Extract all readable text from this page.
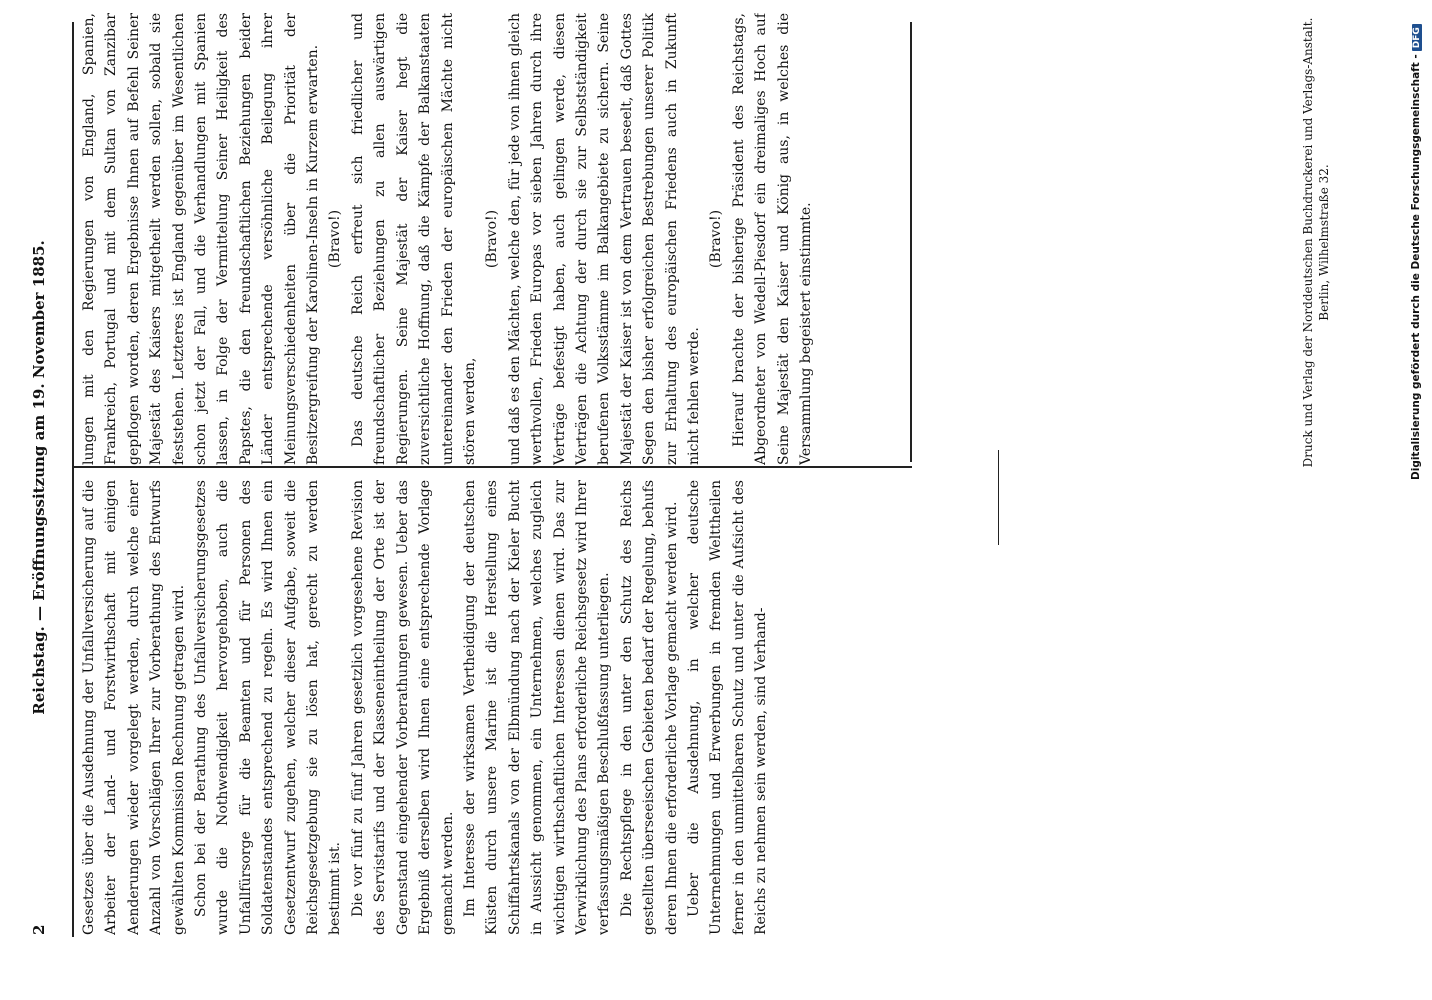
2
Reichstag. — Eröffnungssitzung am 19. November 1885. Gesetzes über die Ausdehnung der Unfallversicherung auf die Arbeiter der Land- und Forstwirthschaft mit einigen Aenderungen wieder vorgelegt werden, durch welche einer Anzahl von Vorschlägen Ihrer zur Vorberathung des Entwurfs gewählten Kommission Rechnung getragen wird. Schon bei der Berathung des Unfallversicherungsgesetzes wurde die Nothwendigkeit hervorgehoben, auch die Unfallfürsorge für die Beamten und für Personen des Soldatenstandes entsprechend zu regeln. Es wird Ihnen ein Gesetzentwurf zugehen, welcher dieser Aufgabe, soweit die Reichsgesetzgebung sie zu lösen hat, gerecht zu werden bestimmt ist. Die vor fünf zu fünf Jahren gesetzlich vorgesehene Revision des Servistarifs und der Klasseneintheilung der Orte ist der Gegenstand eingehender Vorberathungen gewesen. Ueber das Ergebniß derselben wird Ihnen eine entsprechende Vorlage gemacht werden. Im Interesse der wirksamen Vertheidigung der deutschen Küsten durch unsere Marine ist die Herstellung eines Schiffahrtskanals von der Elbmündung nach der Kieler Bucht in Aussicht genommen, ein Unternehmen, welches zugleich wichtigen wirthschaftlichen Interessen dienen wird. Das zur Verwirklichung des Plans erforderliche Reichsgesetz wird Ihrer verfassungsmäßigen Beschlußfassung unterliegen. Die Rechtspflege in den unter den Schutz des Reichs gestellten überseeischen Gebieten bedarf der Regelung, behufs deren Ihnen die erforderliche Vorlage gemacht werden wird. Ueber die Ausdehnung, in welcher deutsche Unternehmungen und Erwerbungen in fremden Welttheilen ferner in den unmittelbaren Schutz und unter die Aufsicht des Reichs zu nehmen sein werden, sind Verhand-

lungen mit den Regierungen von England, Spanien, Frankreich, Portugal und mit dem Sultan von Zanzibar gepflogen worden, deren Ergebnisse Ihnen auf Befehl Seiner Majestät des Kaisers mitgetheilt werden sollen, sobald sie feststehen. Letzteres ist England gegenüber im Wesentlichen schon jetzt der Fall, und die Verhandlungen mit Spanien lassen, in Folge der Vermittelung Seiner Heiligkeit des Papstes, die den freundschaftlichen Beziehungen beider Länder entsprechende versöhnliche Beilegung ihrer Meinungsverschiedenheiten über die Priorität der Besitzergreifung der Karolinen-Inseln in Kurzem erwarten. (Bravo!) Das deutsche Reich erfreut sich friedlicher und freundschaftlicher Beziehungen zu allen auswärtigen Regierungen. Seine Majestät der Kaiser hegt die zuversichtliche Hoffnung, daß die Kämpfe der Balkanstaaten untereinander den Frieden der europäischen Mächte nicht stören werden,

(Bravo!) und daß es den Mächten, welche den, für jede von ihnen gleich werthvollen, Frieden Europas vor sieben Jahren durch ihre Verträge befestigt haben, auch gelingen werde, diesen Verträgen die Achtung der durch sie zur Selbstständigkeit berufenen Volksstämme im Balkangebiete zu sichern. Seine Majestät der Kaiser ist von dem Vertrauen beseelt, daß Gottes Segen den bisher erfolgreichen Bestrebungen unserer Politik zur Erhaltung des europäischen Friedens auch in Zukunft nicht fehlen werde.

(Bravo!) Hierauf brachte der bisherige Präsident des Reichstags, Abgeordneter von Wedell-Piesdorf ein dreimaliges Hoch auf Seine Majestät den Kaiser und König aus, in welches die Versammlung begeistert einstimmte.	Druck und Verlag der Norddeutschen Buchdruckerei und Verlags-Anstalt. Berlin, Wilhelmstraße 32.	Digitalisierung gefördert durch die Deutsche Forschungsgemeinschaft -DFG
